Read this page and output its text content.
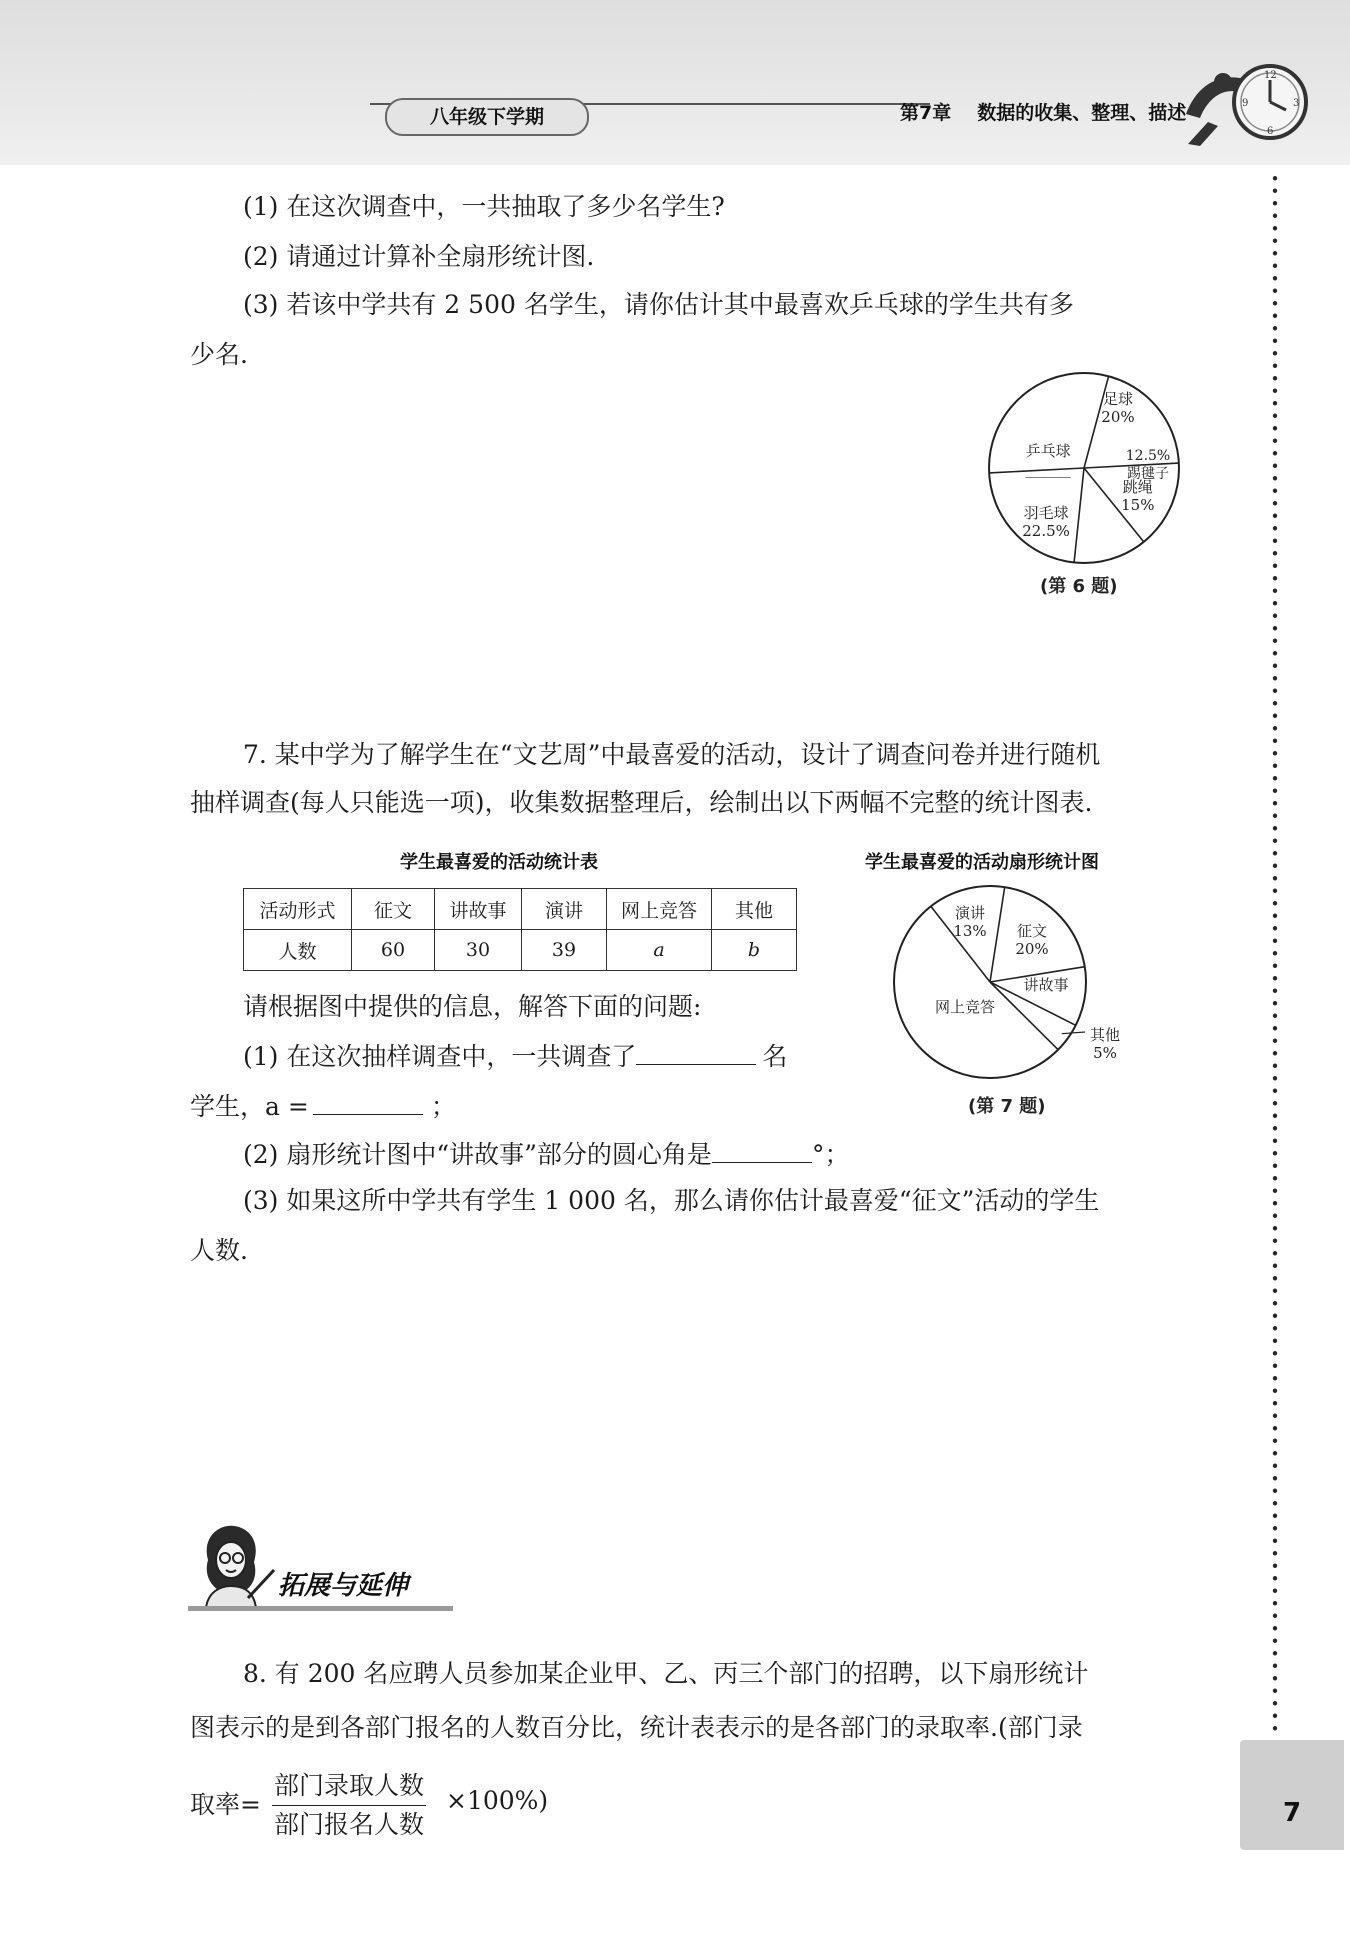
八年级下学期	第7章 数据的收集、整理、描述
12
3
6
9
(1) 在这次调查中，一共抽取了多少名学生?
(2) 请通过计算补全扇形统计图.
(3) 若该中学共有 2 500 名学生，请你估计其中最喜欢乒乓球的学生共有多
少名.
足球
20%
跳绳
15%
踢毽子
12.5%
羽毛球
22.5%
乒乓球
______
(第 6 题)
7. 某中学为了解学生在“文艺周”中最喜爱的活动，设计了调查问卷并进行随机
抽样调查(每人只能选一项)，收集数据整理后，绘制出以下两幅不完整的统计图表.
学生最喜爱的活动统计表
活动形式	征文	讲故事	演讲	网上竞答	其他
人数	60	30	39	a	b
学生最喜爱的活动扇形统计图
演讲
13% 征文
20%
讲故事
其他
5%
网上竞答
(第 7 题)
请根据图中提供的信息，解答下面的问题:
(1) 在这次抽样调查中，一共调查了	名
学生，a =	；
(2) 扇形统计图中“讲故事”部分的圆心角是	°；
(3) 如果这所中学共有学生 1 000 名，那么请你估计最喜爱“征文”活动的学生
人数.
拓展与延伸
8. 有 200 名应聘人员参加某企业甲、乙、丙三个部门的招聘，以下扇形统计
图表示的是到各部门报名的人数百分比，统计表表示的是各部门的录取率.(部门录
取率=
部门录取人数
部门报名人数
×100%)	7
